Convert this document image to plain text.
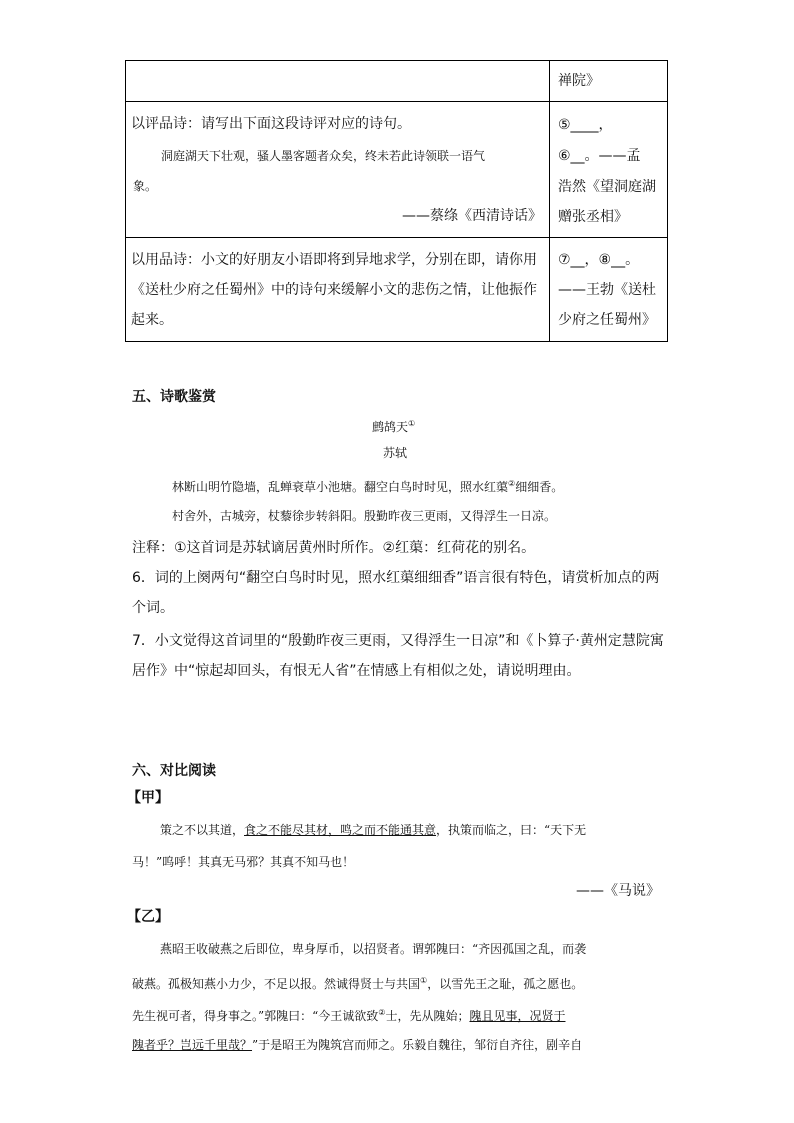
禅院》
以评品诗：请写出下面这段诗评对应的诗句。
洞庭湖天下壮观，骚人墨客题者众矣，终未若此诗领联一语气
象。
——蔡绦《西清诗话》
⑤____，
⑥__。——孟
浩然《望洞庭湖
赠张丞相》
以用品诗：小文的好朋友小语即将到异地求学，分别在即，请你用
《送杜少府之任蜀州》中的诗句来缓解小文的悲伤之情，让他振作
起来。
⑦__，⑧__。
——王勃《送杜
少府之任蜀州》
五、诗歌鉴赏
鹧鸪天①
苏轼
林断山明竹隐墙，乱蝉衰草小池塘。翻空白鸟时时见，照水红蕖②细细香。
村舍外，古城旁，杖藜徐步转斜阳。殷勤昨夜三更雨，又得浮生一日凉。
注释：①这首词是苏轼谪居黄州时所作。②红蕖：红荷花的别名。
6．词的上阕两句“翻空白鸟时时见，照水红蕖细细香”语言很有特色，请赏析加点的两
个词。
7．小文觉得这首词里的“殷勤昨夜三更雨，又得浮生一日凉”和《卜算子·黄州定慧院寓
居作》中“惊起却回头，有恨无人省”在情感上有相似之处，请说明理由。
六、对比阅读
【甲】
策之不以其道，食之不能尽其材，鸣之而不能通其意，执策而临之，曰：“天下无
马！”呜呼！其真无马邪？其真不知马也！
——《马说》
【乙】
燕昭王收破燕之后即位，卑身厚币，以招贤者。谓郭隗曰：“齐因孤国之乱，而袭
破燕。孤极知燕小力少，不足以报。然诚得贤士与共国①，以雪先王之耻，孤之愿也。
先生视可者，得身事之。”郭隗曰：“今王诚欲致②士，先从隗始；隗且见事，况贤于
隗者乎？岂远千里哉？”于是昭王为隗筑宫而师之。乐毅自魏往，邹衍自齐往，剧辛自
